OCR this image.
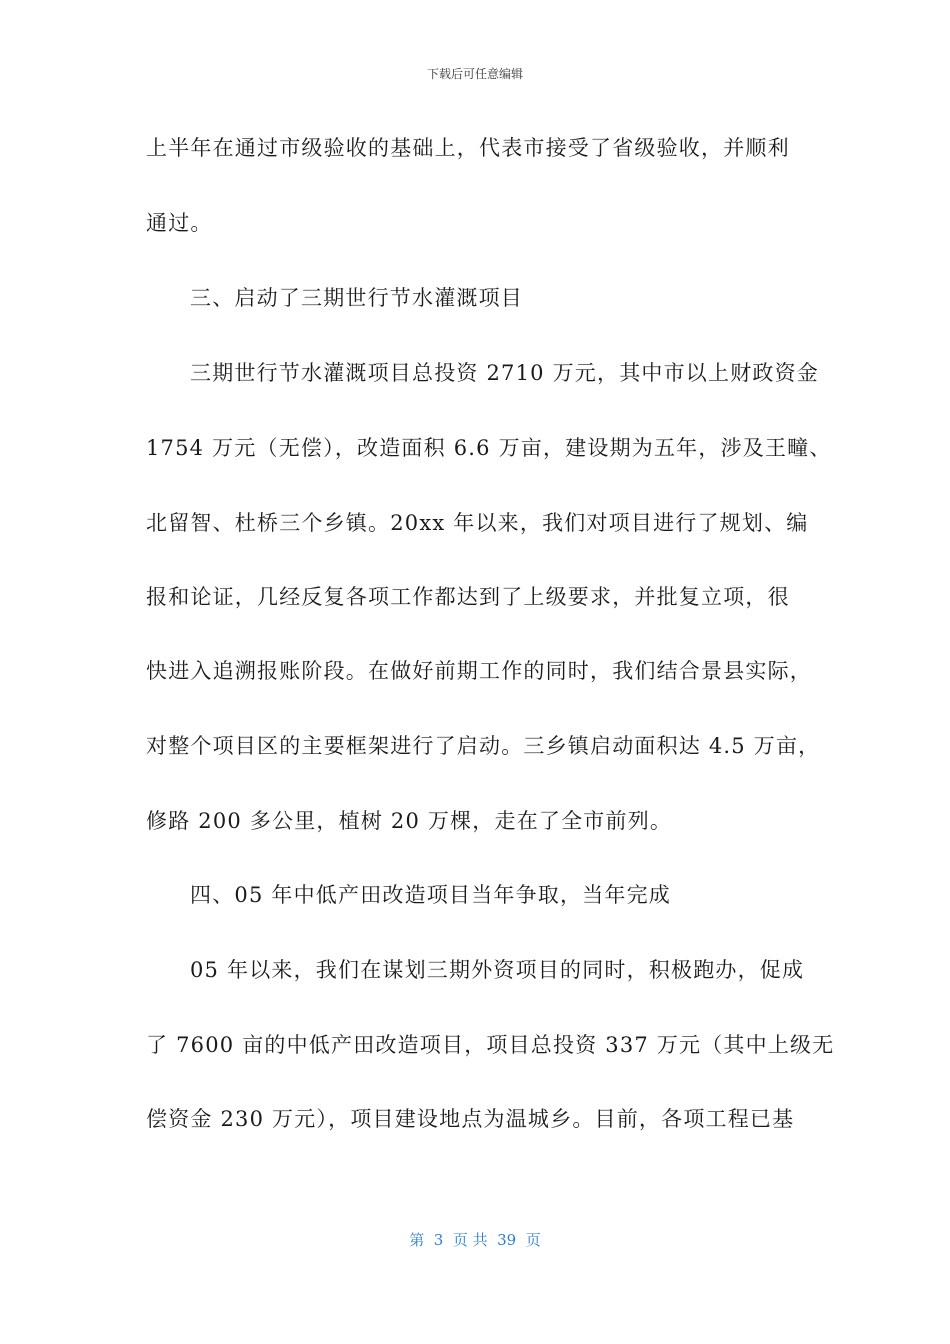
下载后可任意编辑
上半年在通过市级验收的基础上，代表市接受了省级验收，并顺利
通过。
三、启动了三期世行节水灌溉项目
三期世行节水灌溉项目总投资 2710 万元，其中市以上财政资金
1754 万元（无偿），改造面积 6.6 万亩，建设期为五年，涉及王疃、
北留智、杜桥三个乡镇。20xx 年以来，我们对项目进行了规划、编
报和论证，几经反复各项工作都达到了上级要求，并批复立项，很
快进入追溯报账阶段。在做好前期工作的同时，我们结合景县实际，
对整个项目区的主要框架进行了启动。三乡镇启动面积达 4.5 万亩，
修路 200 多公里，植树 20 万棵，走在了全市前列。
四、05 年中低产田改造项目当年争取，当年完成
05 年以来，我们在谋划三期外资项目的同时，积极跑办，促成
了 7600 亩的中低产田改造项目，项目总投资 337 万元（其中上级无
偿资金 230 万元），项目建设地点为温城乡。目前，各项工程已基
第  3  页 共  39  页
